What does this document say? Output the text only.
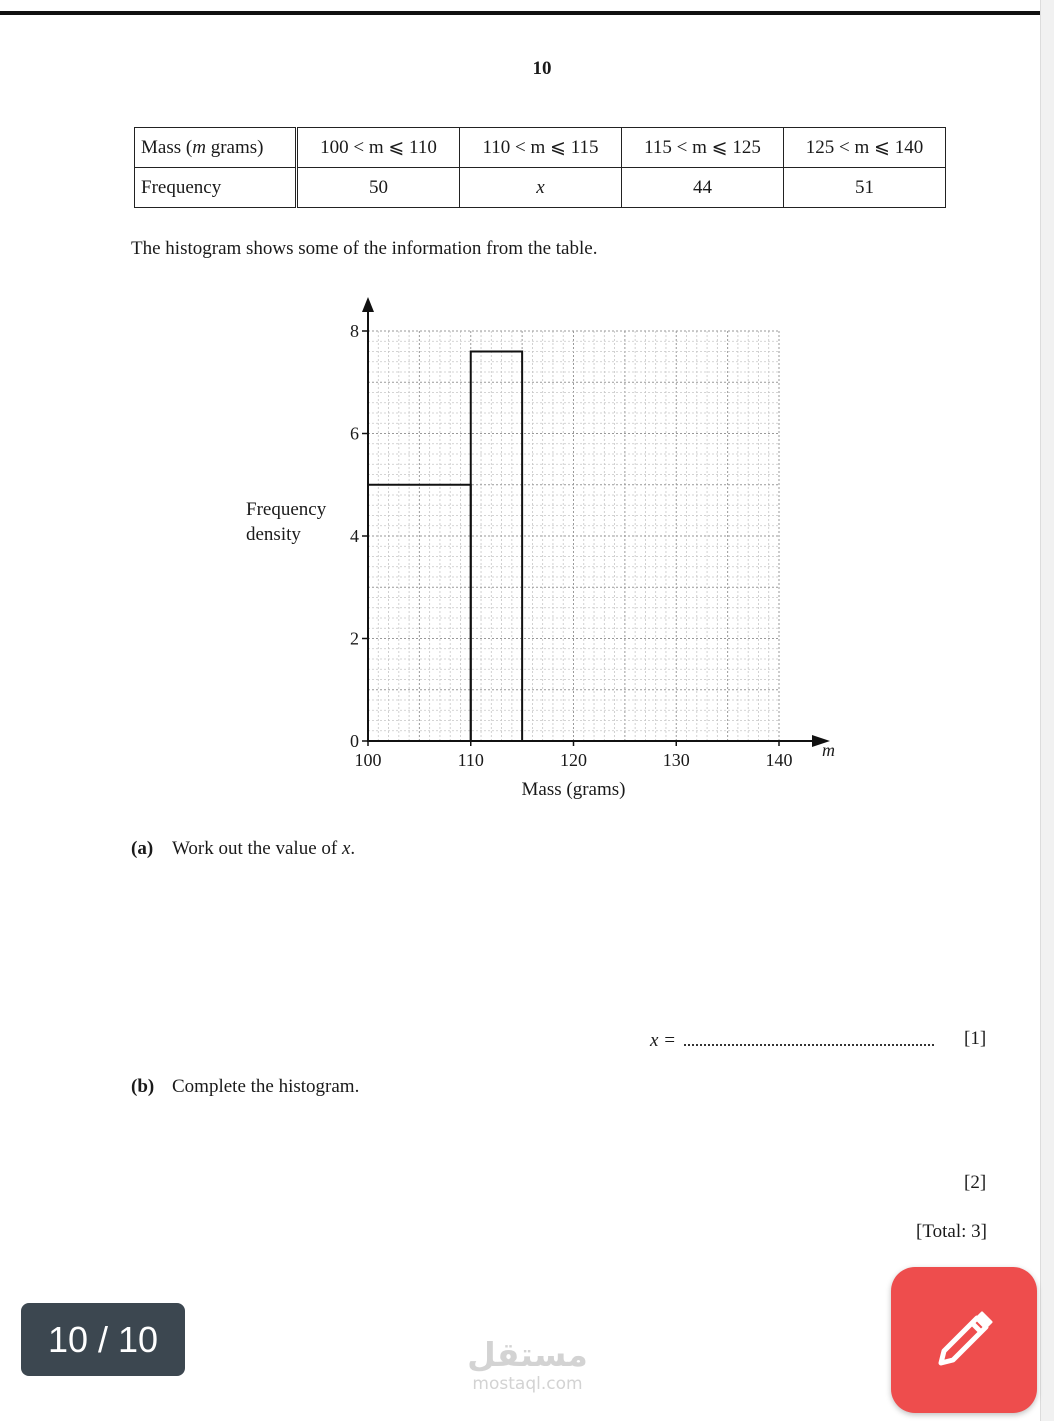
10
Mass (m grams)	100 < m ⩽ 110	110 < m ⩽ 115	115 < m ⩽ 125	125 < m ⩽ 140
Frequency	50	x	44	51
The histogram shows some of the information from the table.
Frequency density
0
2
4
6
8
100	110	120	130	140 m
Mass (grams)
(a) Work out the value of x.
x =	[1]
(b) Complete the histogram.
[2]
[Total: 3]
10 / 10	مستقل
mostaql.com
